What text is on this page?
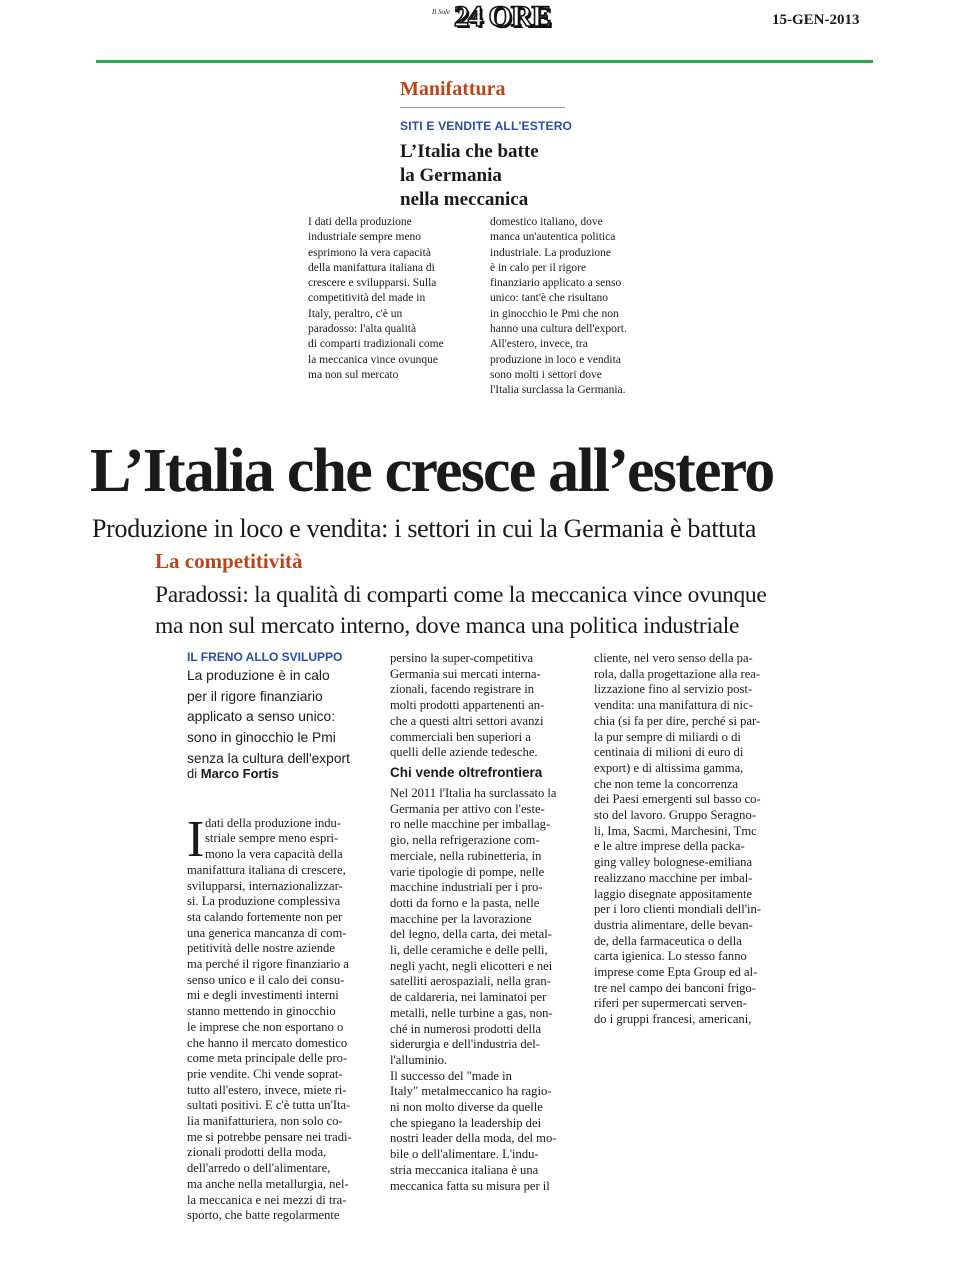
Il Sole 24 ORE	15-GEN-2013
Manifattura
SITI E VENDITE ALL'ESTERO
L’Italia che batte
la Germania
nella meccanica
I dati della produzione
industriale sempre meno
esprimono la vera capacità
della manifattura italiana di
crescere e svilupparsi. Sulla
competitività del made in
Italy, peraltro, c'è un
paradosso: l'alta qualità
di comparti tradizionali come
la meccanica vince ovunque
ma non sul mercato
domestico italiano, dove
manca un'autentica politica
industriale. La produzione
è in calo per il rigore
finanziario applicato a senso
unico: tant'è che risultano
in ginocchio le Pmi che non
hanno una cultura dell'export.
All'estero, invece, tra
produzione in loco e vendita
sono molti i settori dove
l'Italia surclassa la Germania.
L’Italia che cresce all’estero
Produzione in loco e vendita: i settori in cui la Germania è battuta
La competitività
Paradossi: la qualità di comparti come la meccanica vince ovunque
ma non sul mercato interno, dove manca una politica industriale
IL FRENO ALLO SVILUPPO
La produzione è in calo
per il rigore finanziario
applicato a senso unico:
sono in ginocchio le Pmi
senza la cultura dell'export
di Marco Fortis

Idati della produzione indu-
striale sempre meno espri-
mono la vera capacità della

manifattura italiana di crescere,
svilupparsi, internazionalizzar-
si. La produzione complessiva
sta calando fortemente non per
una generica mancanza di com-
petitività delle nostre aziende
ma perché il rigore finanziario a
senso unico e il calo dei consu-
mi e degli investimenti interni
stanno mettendo in ginocchio
le imprese che non esportano o
che hanno il mercato domestico
come meta principale delle pro-
prie vendite. Chi vende soprat-
tutto all'estero, invece, miete ri-
sultati positivi. E c'è tutta un'Ita-
lia manifatturiera, non solo co-
me si potrebbe pensare nei tradi-
zionali prodotti della moda,
dell'arredo o dell'alimentare,
ma anche nella metallurgia, nel-
la meccanica e nei mezzi di tra-
sporto, che batte regolarmente

persino la super-competitiva
Germania sui mercati interna-
zionali, facendo registrare in
molti prodotti appartenenti an-
che a questi altri settori avanzi
commerciali ben superiori a
quelli delle aziende tedesche.
Chi vende oltrefrontiera
Nel 2011 l'Italia ha surclassato la
Germania per attivo con l'este-
ro nelle macchine per imballag-
gio, nella refrigerazione com-
merciale, nella rubinetteria, in
varie tipologie di pompe, nelle
macchine industriali per i pro-
dotti da forno e la pasta, nelle
macchine per la lavorazione
del legno, della carta, dei metal-
li, delle ceramiche e delle pelli,
negli yacht, negli elicotteri e nei
satelliti aerospaziali, nella gran-
de caldareria, nei laminatoi per
metalli, nelle turbine a gas, non-
ché in numerosi prodotti della
siderurgia e dell'industria del-
l'alluminio.
Il successo del "made in
Italy" metalmeccanico ha ragio-
ni non molto diverse da quelle
che spiegano la leadership dei
nostri leader della moda, del mo-
bile o dell'alimentare. L'indu-
stria meccanica italiana è una
meccanica fatta su misura per il
cliente, nel vero senso della pa-
rola, dalla progettazione alla rea-
lizzazione fino al servizio post-
vendita: una manifattura di nic-
chia (si fa per dire, perché si par-
la pur sempre di miliardi o di
centinaia di milioni di euro di
export) e di altissima gamma,
che non teme la concorrenza
dei Paesi emergenti sul basso co-
sto del lavoro. Gruppo Seragno-
li, Ima, Sacmi, Marchesini, Tmc
e le altre imprese della packa-
ging valley bolognese-emiliana
realizzano macchine per imbal-
laggio disegnate appositamente
per i loro clienti mondiali dell'in-
dustria alimentare, delle bevan-
de, della farmaceutica o della
carta igienica. Lo stesso fanno
imprese come Epta Group ed al-
tre nel campo dei banconi frigo-
riferi per supermercati serven-
do i gruppi francesi, americani,
